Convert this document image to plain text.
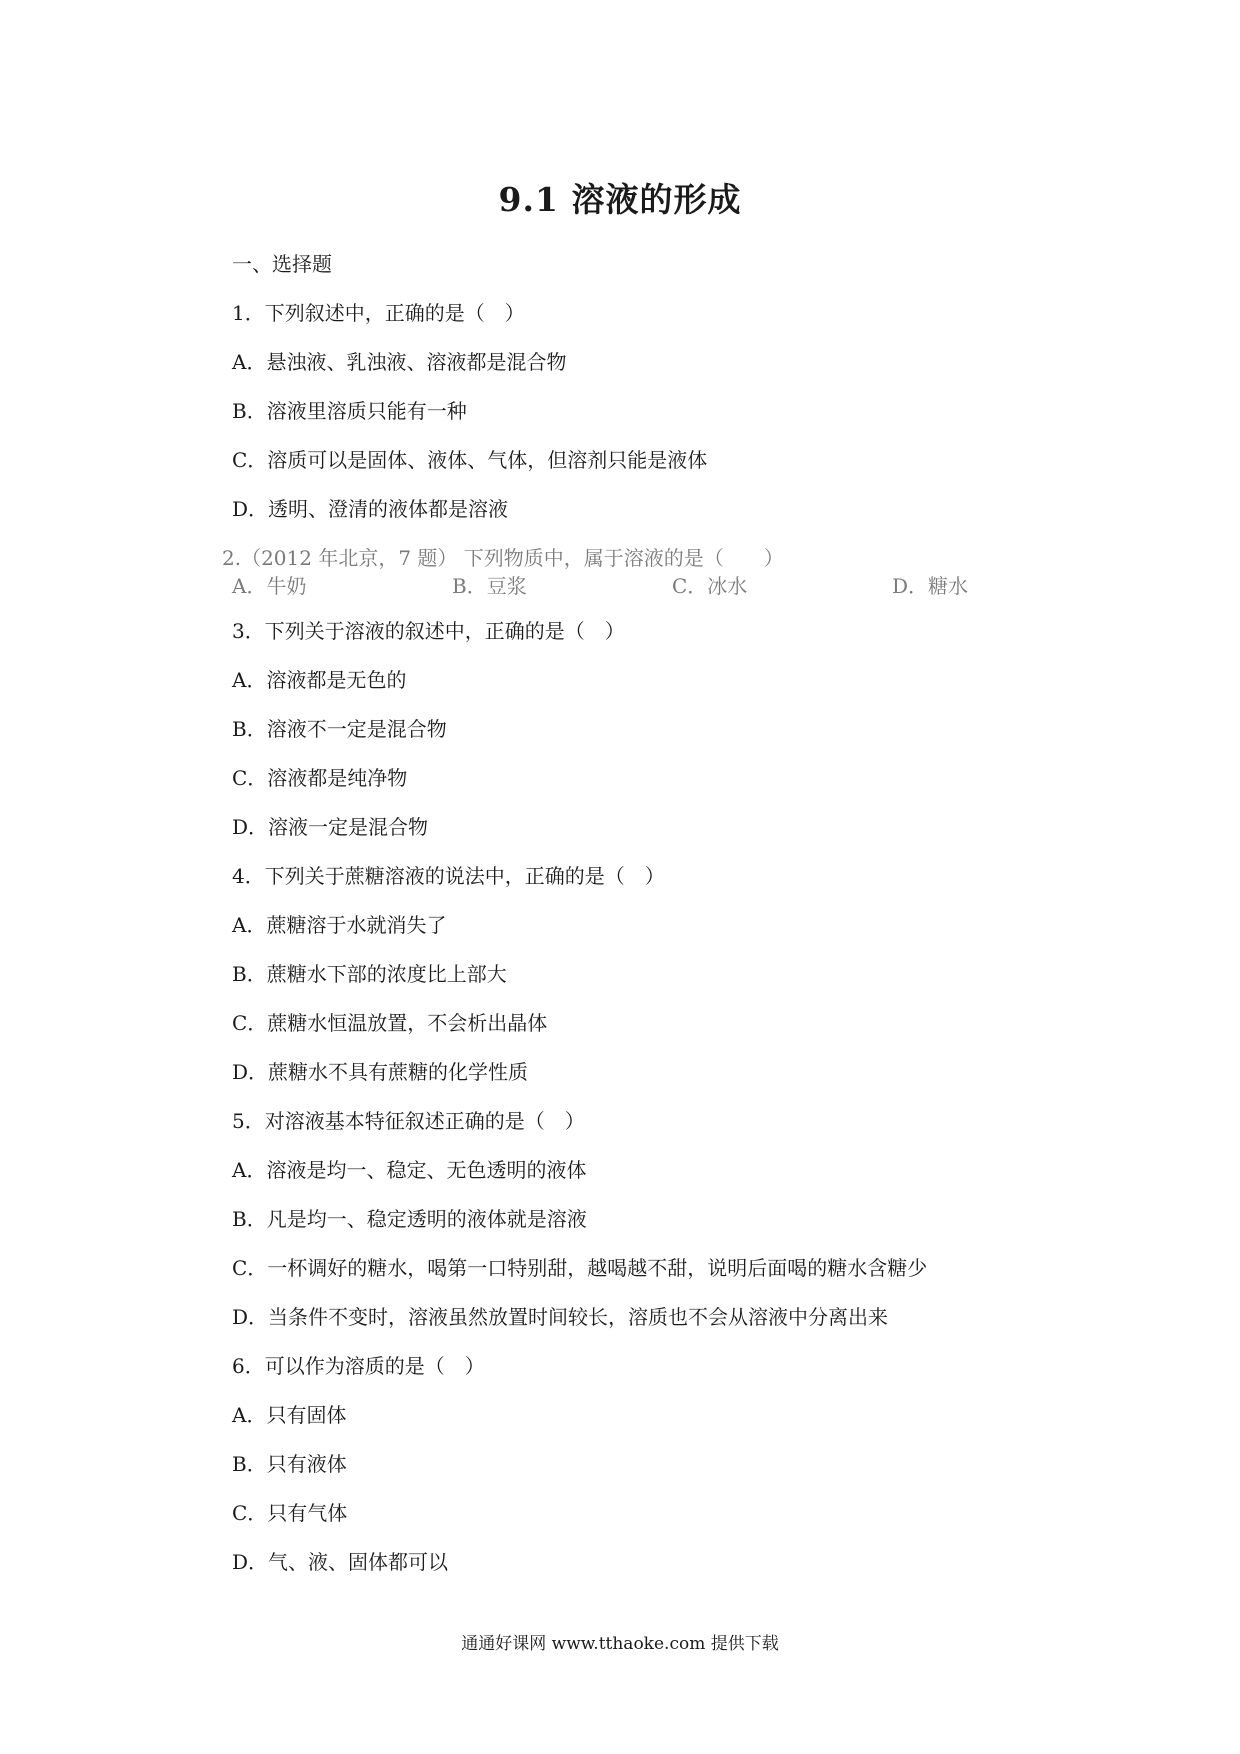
9.1 溶液的形成
一、选择题
1．下列叙述中，正确的是（　）
A．悬浊液、乳浊液、溶液都是混合物
B．溶液里溶质只能有一种
C．溶质可以是固体、液体、气体，但溶剂只能是液体
D．透明、澄清的液体都是溶液
2.（2012 年北京，7 题） 下列物质中，属于溶液的是（　　）
A．牛奶	B．豆浆	C．冰水	D．糖水
3．下列关于溶液的叙述中，正确的是（　）
A．溶液都是无色的
B．溶液不一定是混合物
C．溶液都是纯净物
D．溶液一定是混合物
4．下列关于蔗糖溶液的说法中，正确的是（　）
A．蔗糖溶于水就消失了
B．蔗糖水下部的浓度比上部大
C．蔗糖水恒温放置，不会析出晶体
D．蔗糖水不具有蔗糖的化学性质
5．对溶液基本特征叙述正确的是（　）
A．溶液是均一、稳定、无色透明的液体
B．凡是均一、稳定透明的液体就是溶液
C．一杯调好的糖水，喝第一口特别甜，越喝越不甜，说明后面喝的糖水含糖少
D．当条件不变时，溶液虽然放置时间较长，溶质也不会从溶液中分离出来
6．可以作为溶质的是（　）
A．只有固体
B．只有液体
C．只有气体
D．气、液、固体都可以
通通好课网 www.tthaoke.com 提供下载
